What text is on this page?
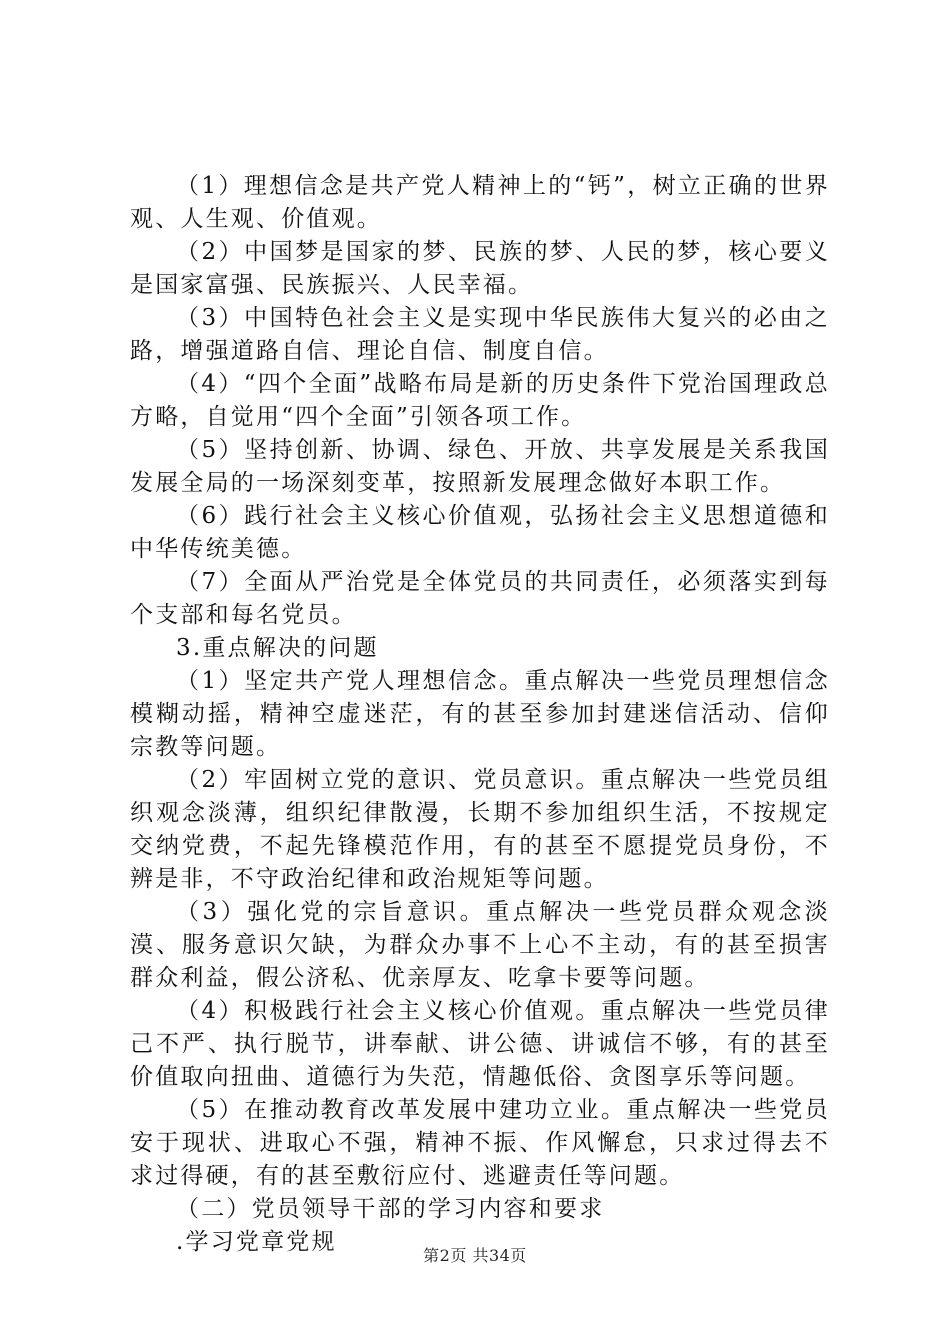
（1）理想信念是共产党人精神上的“钙”，树立正确的世界观、人生观、价值观。

（2）中国梦是国家的梦、民族的梦、人民的梦，核心要义是国家富强、民族振兴、人民幸福。

（3）中国特色社会主义是实现中华民族伟大复兴的必由之路，增强道路自信、理论自信、制度自信。

（4）“四个全面”战略布局是新的历史条件下党治国理政总方略，自觉用“四个全面”引领各项工作。

（5）坚持创新、协调、绿色、开放、共享发展是关系我国发展全局的一场深刻变革，按照新发展理念做好本职工作。

（6）践行社会主义核心价值观，弘扬社会主义思想道德和中华传统美德。

（7）全面从严治党是全体党员的共同责任，必须落实到每个支部和每名党员。

3.重点解决的问题

（1）坚定共产党人理想信念。重点解决一些党员理想信念模糊动摇，精神空虚迷茫，有的甚至参加封建迷信活动、信仰宗教等问题。

（2）牢固树立党的意识、党员意识。重点解决一些党员组织观念淡薄，组织纪律散漫，长期不参加组织生活，不按规定交纳党费，不起先锋模范作用，有的甚至不愿提党员身份，不辨是非，不守政治纪律和政治规矩等问题。

（3）强化党的宗旨意识。重点解决一些党员群众观念淡漠、服务意识欠缺，为群众办事不上心不主动，有的甚至损害群众利益，假公济私、优亲厚友、吃拿卡要等问题。

（4）积极践行社会主义核心价值观。重点解决一些党员律己不严、执行脱节，讲奉献、讲公德、讲诚信不够，有的甚至价值取向扭曲、道德行为失范，情趣低俗、贪图享乐等问题。

（5）在推动教育改革发展中建功立业。重点解决一些党员安于现状、进取心不强，精神不振、作风懈怠，只求过得去不求过得硬，有的甚至敷衍应付、逃避责任等问题。

（二）党员领导干部的学习内容和要求

.学习党章党规

第2页 共34页
